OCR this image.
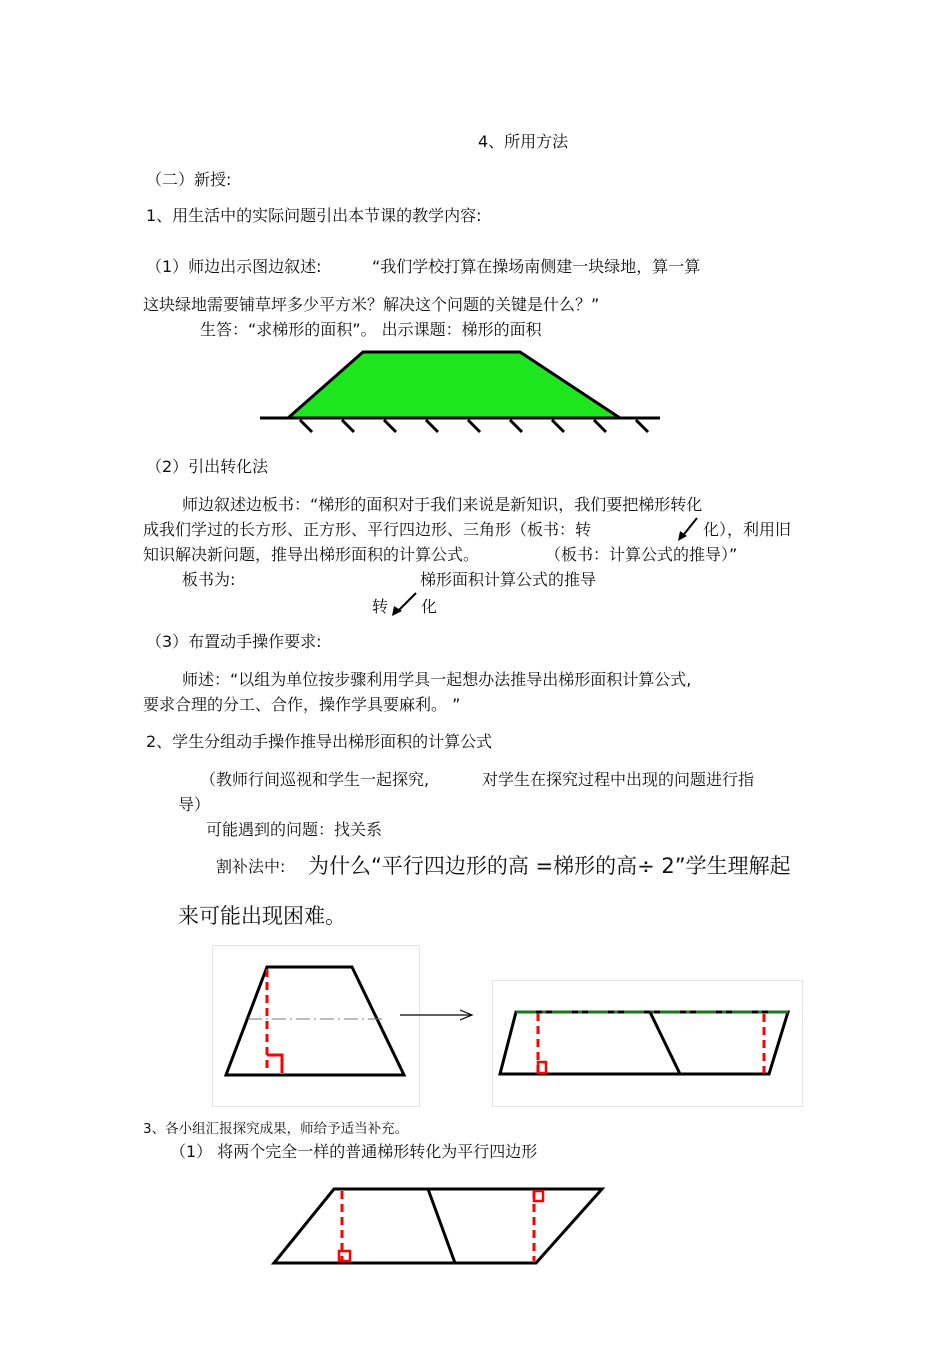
4、所用方法
（二）新授:
1、用生活中的实际问题引出本节课的教学内容:
（1）师边出示图边叙述:	“我们学校打算在操场南侧建一块绿地，算一算
这块绿地需要铺草坪多少平方米？解决这个问题的关键是什么？”
生答：“求梯形的面积”。 出示课题：梯形的面积
（2）引出转化法
师边叙述边板书：“梯形的面积对于我们来说是新知识，我们要把梯形转化
成我们学过的长方形、正方形、平行四边形、三角形（板书：转	化），利用旧
知识解决新问题，推导出梯形面积的计算公式。	（板书：计算公式的推导）”
板书为:	梯形面积计算公式的推导
转 化
（3）布置动手操作要求:
师述：“以组为单位按步骤利用学具一起想办法推导出梯形面积计算公式,
要求合理的分工、合作，操作学具要麻利。 ”
2、学生分组动手操作推导出梯形面积的计算公式
（教师行间巡视和学生一起探究,	对学生在探究过程中出现的问题进行指
导）
可能遇到的问题：找关系
割补法中: 为什么“平行四边形的高 =梯形的高÷ 2”学生理解起
来可能出现困难。
3、各小组汇报探究成果，师给予适当补充。
（1） 将两个完全一样的普通梯形转化为平行四边形
